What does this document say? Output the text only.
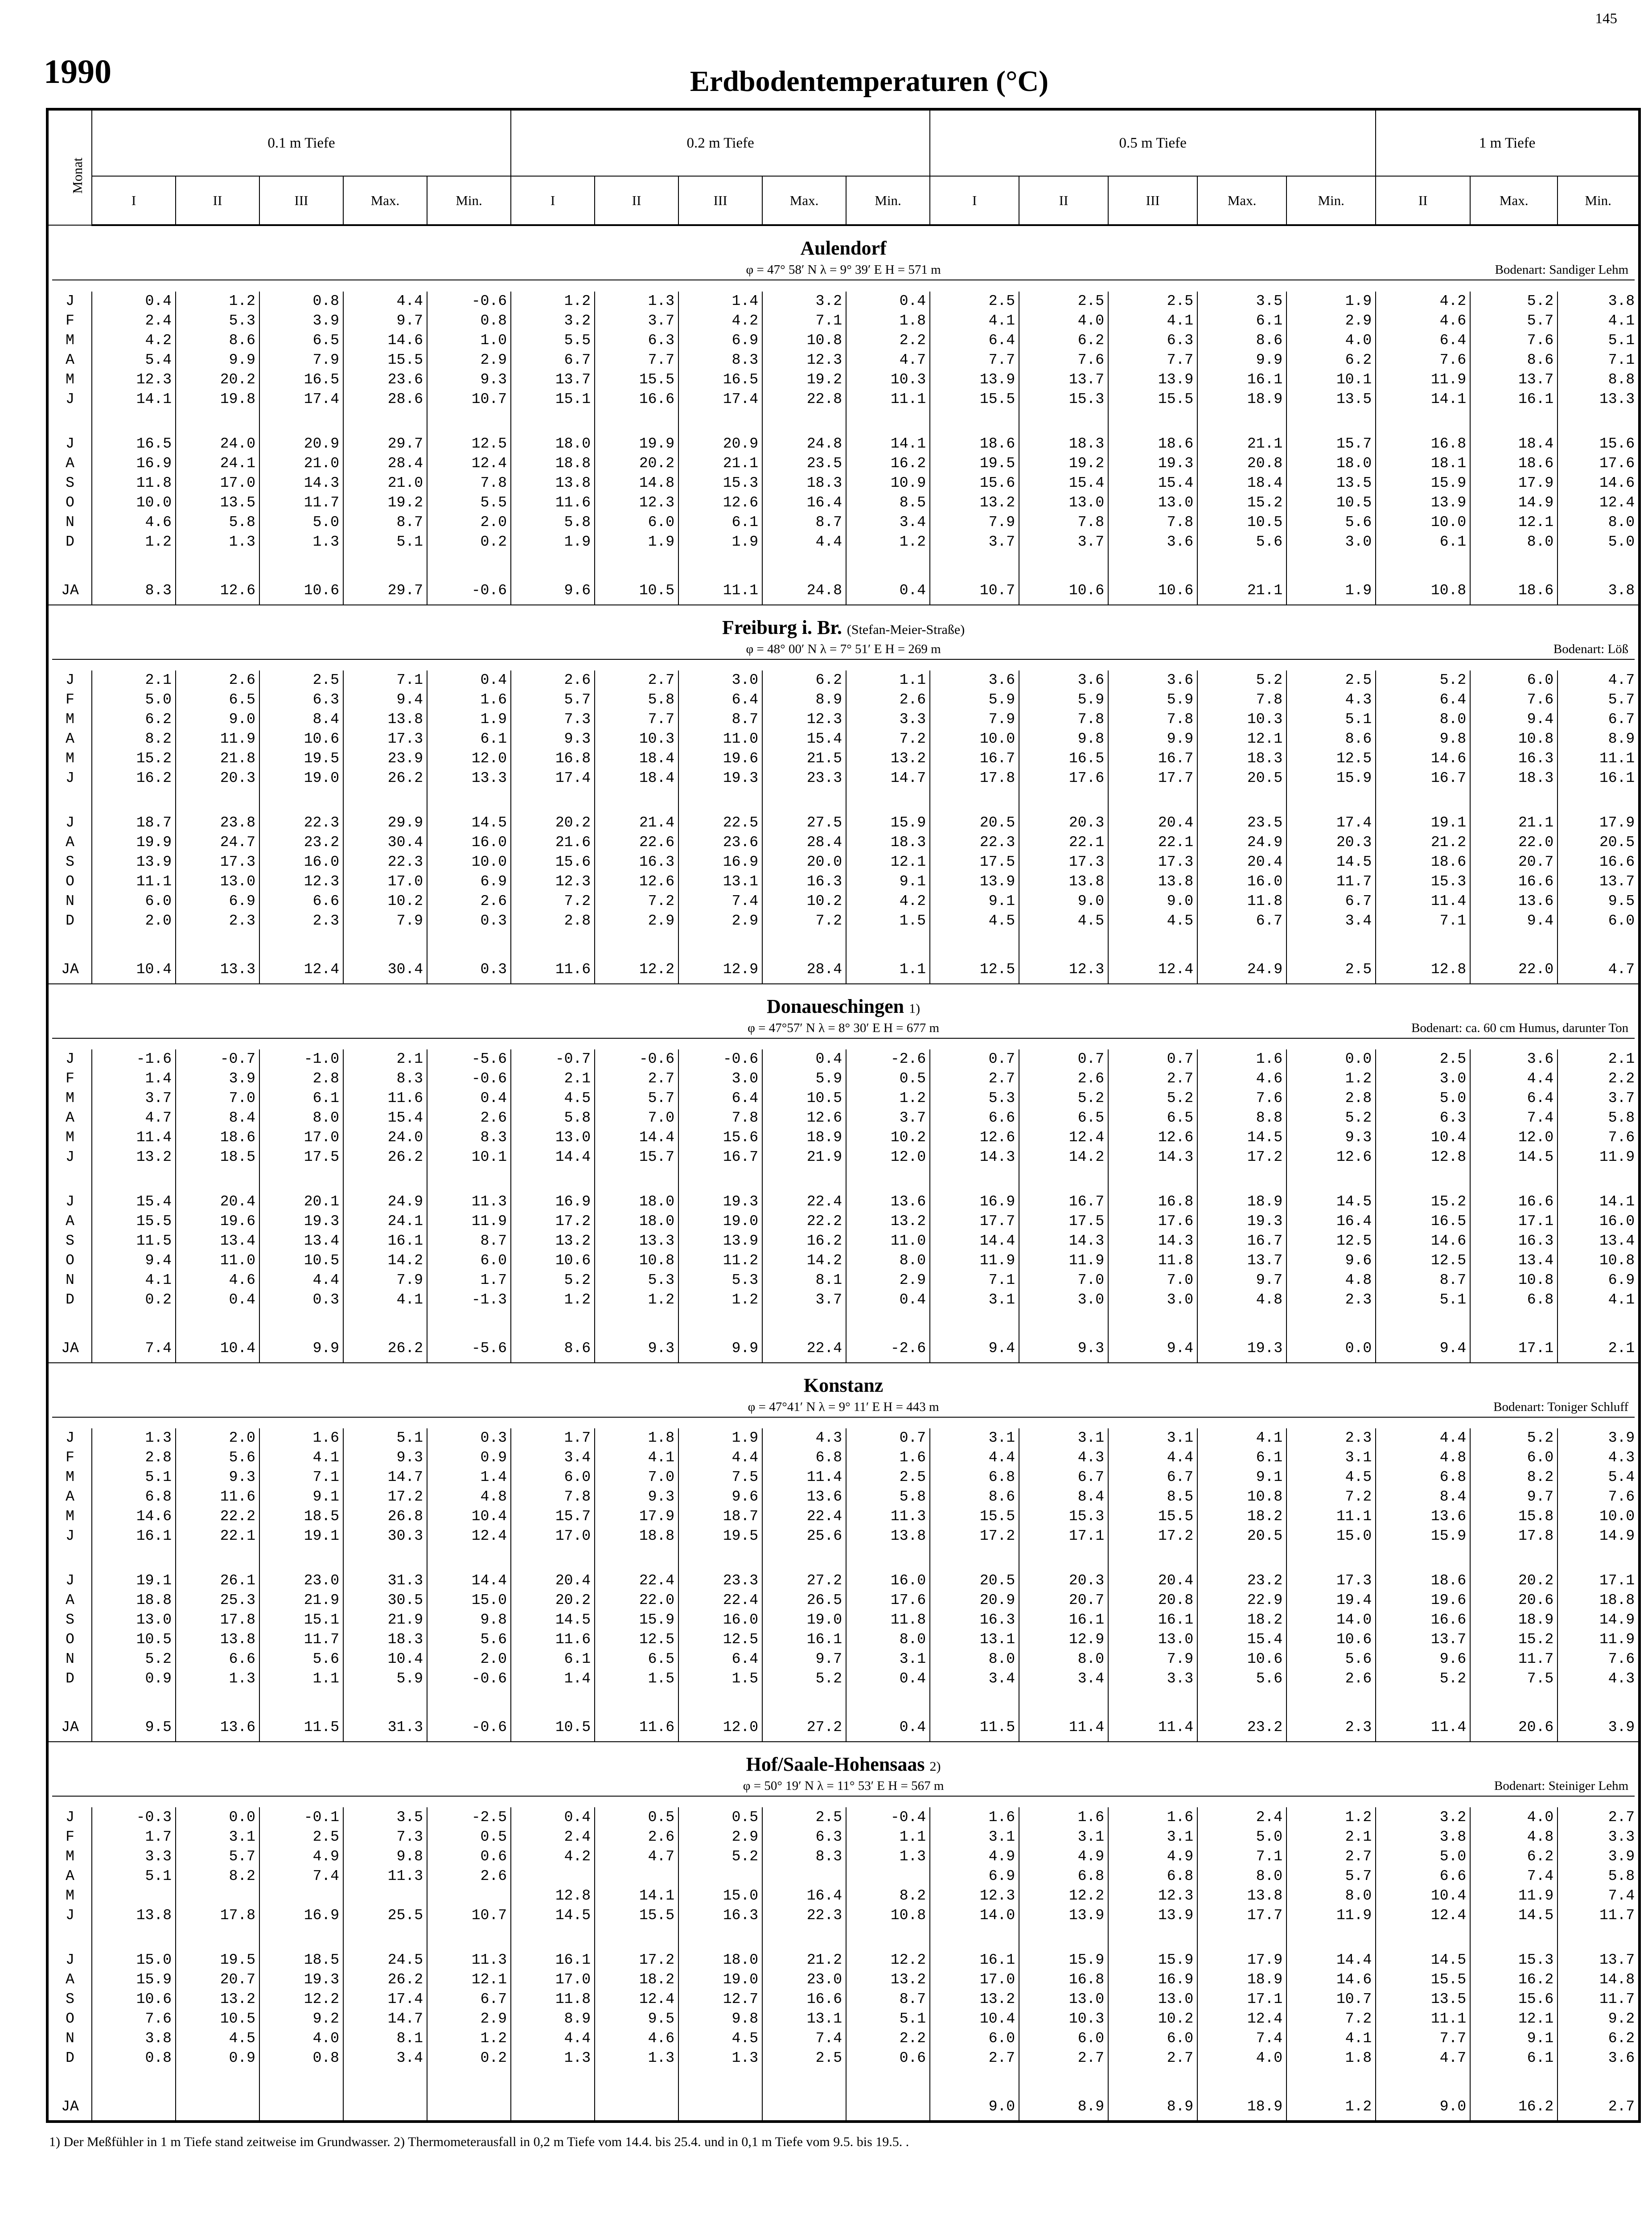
145
1990	Erdbodentemperaturen (°C)
Monat	0.1 m Tiefe					0.2 m Tiefe					0.5 m Tiefe					1 m Tiefe		
	I	II	III	Max.	Min.	I	II	III	Max.	Min.	I	II	III	Max.	Min.	II	Max.	Min.

Aulendorf
φ = 47° 58′ N λ = 9° 39′ E H = 571 m Bodenart: Sandiger Lehm																		

J	0.4	1.2	0.8	4.4	-0.6	1.2	1.3	1.4	3.2	0.4	2.5	2.5	2.5	3.5	1.9	4.2	5.2	3.8
F	2.4	5.3	3.9	9.7	0.8	3.2	3.7	4.2	7.1	1.8	4.1	4.0	4.1	6.1	2.9	4.6	5.7	4.1
M	4.2	8.6	6.5	14.6	1.0	5.5	6.3	6.9	10.8	2.2	6.4	6.2	6.3	8.6	4.0	6.4	7.6	5.1
A	5.4	9.9	7.9	15.5	2.9	6.7	7.7	8.3	12.3	4.7	7.7	7.6	7.7	9.9	6.2	7.6	8.6	7.1
M	12.3	20.2	16.5	23.6	9.3	13.7	15.5	16.5	19.2	10.3	13.9	13.7	13.9	16.1	10.1	11.9	13.7	8.8
J	14.1	19.8	17.4	28.6	10.7	15.1	16.6	17.4	22.8	11.1	15.5	15.3	15.5	18.9	13.5	14.1	16.1	13.3

J	16.5	24.0	20.9	29.7	12.5	18.0	19.9	20.9	24.8	14.1	18.6	18.3	18.6	21.1	15.7	16.8	18.4	15.6
A	16.9	24.1	21.0	28.4	12.4	18.8	20.2	21.1	23.5	16.2	19.5	19.2	19.3	20.8	18.0	18.1	18.6	17.6
S	11.8	17.0	14.3	21.0	7.8	13.8	14.8	15.3	18.3	10.9	15.6	15.4	15.4	18.4	13.5	15.9	17.9	14.6
O	10.0	13.5	11.7	19.2	5.5	11.6	12.3	12.6	16.4	8.5	13.2	13.0	13.0	15.2	10.5	13.9	14.9	12.4
N	4.6	5.8	5.0	8.7	2.0	5.8	6.0	6.1	8.7	3.4	7.9	7.8	7.8	10.5	5.6	10.0	12.1	8.0
D	1.2	1.3	1.3	5.1	0.2	1.9	1.9	1.9	4.4	1.2	3.7	3.7	3.6	5.6	3.0	6.1	8.0	5.0

JA	8.3	12.6	10.6	29.7	-0.6	9.6	10.5	11.1	24.8	0.4	10.7	10.6	10.6	21.1	1.9	10.8	18.6	3.8

Freiburg i. Br. (Stefan-Meier-Straße)
φ = 48° 00′ N λ = 7° 51′ E H = 269 m Bodenart: Löß																		

J	2.1	2.6	2.5	7.1	0.4	2.6	2.7	3.0	6.2	1.1	3.6	3.6	3.6	5.2	2.5	5.2	6.0	4.7
F	5.0	6.5	6.3	9.4	1.6	5.7	5.8	6.4	8.9	2.6	5.9	5.9	5.9	7.8	4.3	6.4	7.6	5.7
M	6.2	9.0	8.4	13.8	1.9	7.3	7.7	8.7	12.3	3.3	7.9	7.8	7.8	10.3	5.1	8.0	9.4	6.7
A	8.2	11.9	10.6	17.3	6.1	9.3	10.3	11.0	15.4	7.2	10.0	9.8	9.9	12.1	8.6	9.8	10.8	8.9
M	15.2	21.8	19.5	23.9	12.0	16.8	18.4	19.6	21.5	13.2	16.7	16.5	16.7	18.3	12.5	14.6	16.3	11.1
J	16.2	20.3	19.0	26.2	13.3	17.4	18.4	19.3	23.3	14.7	17.8	17.6	17.7	20.5	15.9	16.7	18.3	16.1

J	18.7	23.8	22.3	29.9	14.5	20.2	21.4	22.5	27.5	15.9	20.5	20.3	20.4	23.5	17.4	19.1	21.1	17.9
A	19.9	24.7	23.2	30.4	16.0	21.6	22.6	23.6	28.4	18.3	22.3	22.1	22.1	24.9	20.3	21.2	22.0	20.5
S	13.9	17.3	16.0	22.3	10.0	15.6	16.3	16.9	20.0	12.1	17.5	17.3	17.3	20.4	14.5	18.6	20.7	16.6
O	11.1	13.0	12.3	17.0	6.9	12.3	12.6	13.1	16.3	9.1	13.9	13.8	13.8	16.0	11.7	15.3	16.6	13.7
N	6.0	6.9	6.6	10.2	2.6	7.2	7.2	7.4	10.2	4.2	9.1	9.0	9.0	11.8	6.7	11.4	13.6	9.5
D	2.0	2.3	2.3	7.9	0.3	2.8	2.9	2.9	7.2	1.5	4.5	4.5	4.5	6.7	3.4	7.1	9.4	6.0

JA	10.4	13.3	12.4	30.4	0.3	11.6	12.2	12.9	28.4	1.1	12.5	12.3	12.4	24.9	2.5	12.8	22.0	4.7

Donaueschingen 1)
φ = 47°57′ N λ = 8° 30′ E H = 677 m Bodenart: ca. 60 cm Humus, darunter Ton																		

J	-1.6	-0.7	-1.0	2.1	-5.6	-0.7	-0.6	-0.6	0.4	-2.6	0.7	0.7	0.7	1.6	0.0	2.5	3.6	2.1
F	1.4	3.9	2.8	8.3	-0.6	2.1	2.7	3.0	5.9	0.5	2.7	2.6	2.7	4.6	1.2	3.0	4.4	2.2
M	3.7	7.0	6.1	11.6	0.4	4.5	5.7	6.4	10.5	1.2	5.3	5.2	5.2	7.6	2.8	5.0	6.4	3.7
A	4.7	8.4	8.0	15.4	2.6	5.8	7.0	7.8	12.6	3.7	6.6	6.5	6.5	8.8	5.2	6.3	7.4	5.8
M	11.4	18.6	17.0	24.0	8.3	13.0	14.4	15.6	18.9	10.2	12.6	12.4	12.6	14.5	9.3	10.4	12.0	7.6
J	13.2	18.5	17.5	26.2	10.1	14.4	15.7	16.7	21.9	12.0	14.3	14.2	14.3	17.2	12.6	12.8	14.5	11.9

J	15.4	20.4	20.1	24.9	11.3	16.9	18.0	19.3	22.4	13.6	16.9	16.7	16.8	18.9	14.5	15.2	16.6	14.1
A	15.5	19.6	19.3	24.1	11.9	17.2	18.0	19.0	22.2	13.2	17.7	17.5	17.6	19.3	16.4	16.5	17.1	16.0
S	11.5	13.4	13.4	16.1	8.7	13.2	13.3	13.9	16.2	11.0	14.4	14.3	14.3	16.7	12.5	14.6	16.3	13.4
O	9.4	11.0	10.5	14.2	6.0	10.6	10.8	11.2	14.2	8.0	11.9	11.9	11.8	13.7	9.6	12.5	13.4	10.8
N	4.1	4.6	4.4	7.9	1.7	5.2	5.3	5.3	8.1	2.9	7.1	7.0	7.0	9.7	4.8	8.7	10.8	6.9
D	0.2	0.4	0.3	4.1	-1.3	1.2	1.2	1.2	3.7	0.4	3.1	3.0	3.0	4.8	2.3	5.1	6.8	4.1

JA	7.4	10.4	9.9	26.2	-5.6	8.6	9.3	9.9	22.4	-2.6	9.4	9.3	9.4	19.3	0.0	9.4	17.1	2.1

Konstanz
φ = 47°41′ N λ = 9° 11′ E H = 443 m Bodenart: Toniger Schluff																		

J	1.3	2.0	1.6	5.1	0.3	1.7	1.8	1.9	4.3	0.7	3.1	3.1	3.1	4.1	2.3	4.4	5.2	3.9
F	2.8	5.6	4.1	9.3	0.9	3.4	4.1	4.4	6.8	1.6	4.4	4.3	4.4	6.1	3.1	4.8	6.0	4.3
M	5.1	9.3	7.1	14.7	1.4	6.0	7.0	7.5	11.4	2.5	6.8	6.7	6.7	9.1	4.5	6.8	8.2	5.4
A	6.8	11.6	9.1	17.2	4.8	7.8	9.3	9.6	13.6	5.8	8.6	8.4	8.5	10.8	7.2	8.4	9.7	7.6
M	14.6	22.2	18.5	26.8	10.4	15.7	17.9	18.7	22.4	11.3	15.5	15.3	15.5	18.2	11.1	13.6	15.8	10.0
J	16.1	22.1	19.1	30.3	12.4	17.0	18.8	19.5	25.6	13.8	17.2	17.1	17.2	20.5	15.0	15.9	17.8	14.9

J	19.1	26.1	23.0	31.3	14.4	20.4	22.4	23.3	27.2	16.0	20.5	20.3	20.4	23.2	17.3	18.6	20.2	17.1
A	18.8	25.3	21.9	30.5	15.0	20.2	22.0	22.4	26.5	17.6	20.9	20.7	20.8	22.9	19.4	19.6	20.6	18.8
S	13.0	17.8	15.1	21.9	9.8	14.5	15.9	16.0	19.0	11.8	16.3	16.1	16.1	18.2	14.0	16.6	18.9	14.9
O	10.5	13.8	11.7	18.3	5.6	11.6	12.5	12.5	16.1	8.0	13.1	12.9	13.0	15.4	10.6	13.7	15.2	11.9
N	5.2	6.6	5.6	10.4	2.0	6.1	6.5	6.4	9.7	3.1	8.0	8.0	7.9	10.6	5.6	9.6	11.7	7.6
D	0.9	1.3	1.1	5.9	-0.6	1.4	1.5	1.5	5.2	0.4	3.4	3.4	3.3	5.6	2.6	5.2	7.5	4.3

JA	9.5	13.6	11.5	31.3	-0.6	10.5	11.6	12.0	27.2	0.4	11.5	11.4	11.4	23.2	2.3	11.4	20.6	3.9

Hof/Saale-Hohensaas 2)
φ = 50° 19′ N λ = 11° 53′ E H = 567 m Bodenart: Steiniger Lehm																		

J	-0.3	0.0	-0.1	3.5	-2.5	0.4	0.5	0.5	2.5	-0.4	1.6	1.6	1.6	2.4	1.2	3.2	4.0	2.7
F	1.7	3.1	2.5	7.3	0.5	2.4	2.6	2.9	6.3	1.1	3.1	3.1	3.1	5.0	2.1	3.8	4.8	3.3
M	3.3	5.7	4.9	9.8	0.6	4.2	4.7	5.2	8.3	1.3	4.9	4.9	4.9	7.1	2.7	5.0	6.2	3.9
A	5.1	8.2	7.4	11.3	2.6						6.9	6.8	6.8	8.0	5.7	6.6	7.4	5.8
M						12.8	14.1	15.0	16.4	8.2	12.3	12.2	12.3	13.8	8.0	10.4	11.9	7.4
J	13.8	17.8	16.9	25.5	10.7	14.5	15.5	16.3	22.3	10.8	14.0	13.9	13.9	17.7	11.9	12.4	14.5	11.7

J	15.0	19.5	18.5	24.5	11.3	16.1	17.2	18.0	21.2	12.2	16.1	15.9	15.9	17.9	14.4	14.5	15.3	13.7
A	15.9	20.7	19.3	26.2	12.1	17.0	18.2	19.0	23.0	13.2	17.0	16.8	16.9	18.9	14.6	15.5	16.2	14.8
S	10.6	13.2	12.2	17.4	6.7	11.8	12.4	12.7	16.6	8.7	13.2	13.0	13.0	17.1	10.7	13.5	15.6	11.7
O	7.6	10.5	9.2	14.7	2.9	8.9	9.5	9.8	13.1	5.1	10.4	10.3	10.2	12.4	7.2	11.1	12.1	9.2
N	3.8	4.5	4.0	8.1	1.2	4.4	4.6	4.5	7.4	2.2	6.0	6.0	6.0	7.4	4.1	7.7	9.1	6.2
D	0.8	0.9	0.8	3.4	0.2	1.3	1.3	1.3	2.5	0.6	2.7	2.7	2.7	4.0	1.8	4.7	6.1	3.6

JA											9.0	8.9	8.9	18.9	1.2	9.0	16.2	2.7
1) Der Meßfühler in 1 m Tiefe stand zeitweise im Grundwasser. 2) Thermometerausfall in 0,2 m Tiefe vom 14.4. bis 25.4. und in 0,1 m Tiefe vom 9.5. bis 19.5. .
